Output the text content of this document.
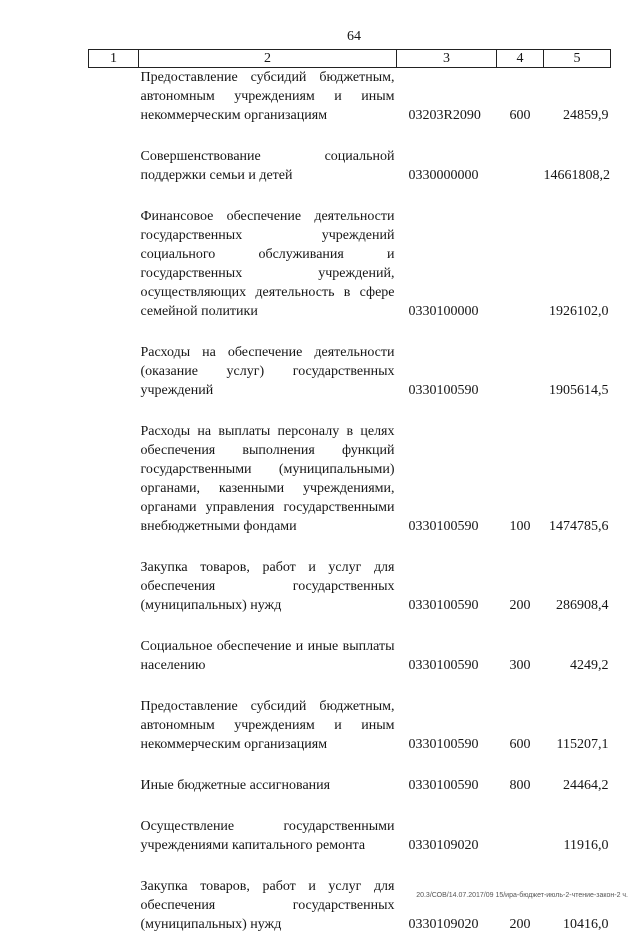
64
1	2	3	4	5
	Предоставление субсидий бюджетным, автономным учреждениям и иным некоммерческим организациям	03203R2090	600	24859,9

	Совершенствование социальной поддержки семьи и детей	0330000000		14661808,2

	Финансовое обеспечение деятельности государственных учреждений социального обслуживания и государственных учреждений, осуществляющих деятельность в сфере семейной политики	0330100000		1926102,0

	Расходы на обеспечение деятельности (оказание услуг) государственных учреждений	0330100590		1905614,5

	Расходы на выплаты персоналу в целях обеспечения выполнения функций государственными (муниципальными) органами, казенными учреждениями, органами управления государственными внебюджетными фондами	0330100590	100	1474785,6

	Закупка товаров, работ и услуг для обеспечения государственных (муниципальных) нужд	0330100590	200	286908,4

	Социальное обеспечение и иные выплаты населению	0330100590	300	4249,2

	Предоставление субсидий бюджетным, автономным учреждениям и иным некоммерческим организациям	0330100590	600	115207,1

	Иные бюджетные ассигнования	0330100590	800	24464,2

	Осуществление государственными учреждениями капитального ремонта	0330109020		11916,0

	Закупка товаров, работ и услуг для обеспечения государственных (муниципальных) нужд	0330109020	200	10416,0
20.3/СОВ/14.07.2017/09 15/ира-бюджет-июль-2-чтение-закон-2 ч.
